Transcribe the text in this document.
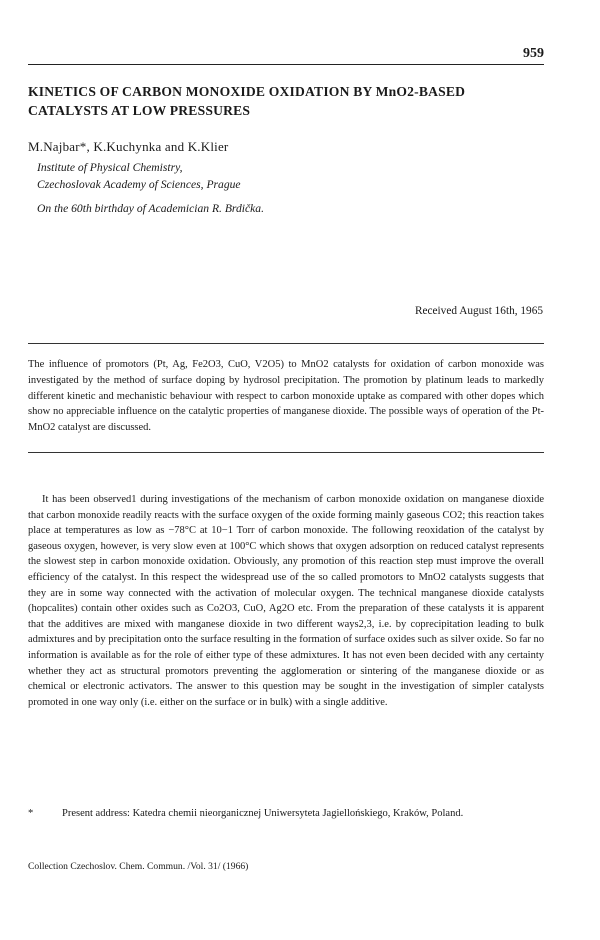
959
KINETICS OF CARBON MONOXIDE OXIDATION BY MnO2-BASED CATALYSTS AT LOW PRESSURES
M.Najbar*, K.Kuchynka and K.Klier
Institute of Physical Chemistry,
Czechoslovak Academy of Sciences, Prague
On the 60th birthday of Academician R. Brdička.
Received August 16th, 1965
The influence of promotors (Pt, Ag, Fe2O3, CuO, V2O5) to MnO2 catalysts for oxidation of carbon monoxide was investigated by the method of surface doping by hydrosol precipitation. The promotion by platinum leads to markedly different kinetic and mechanistic behaviour with respect to carbon monoxide uptake as compared with other dopes which show no appreciable influence on the catalytic properties of manganese dioxide. The possible ways of operation of the Pt-MnO2 catalyst are discussed.
It has been observed1 during investigations of the mechanism of carbon monoxide oxidation on manganese dioxide that carbon monoxide readily reacts with the surface oxygen of the oxide forming mainly gaseous CO2; this reaction takes place at temperatures as low as −78°C at 10−1 Torr of carbon monoxide. The following reoxidation of the catalyst by gaseous oxygen, however, is very slow even at 100°C which shows that oxygen adsorption on reduced catalyst represents the slowest step in carbon monoxide oxidation. Obviously, any promotion of this reaction step must improve the overall efficiency of the catalyst. In this respect the widespread use of the so called promotors to MnO2 catalysts suggests that they are in some way connected with the activation of molecular oxygen. The technical manganese dioxide catalysts (hopcalites) contain other oxides such as Co2O3, CuO, Ag2O etc. From the preparation of these catalysts it is apparent that the additives are mixed with manganese dioxide in two different ways2,3, i.e. by coprecipitation leading to bulk admixtures and by precipitation onto the surface resulting in the formation of surface oxides such as silver oxide. So far no information is available as for the role of either type of these admixtures. It has not even been decided with any certainty whether they act as structural promotors preventing the agglomeration or sintering of the manganese dioxide or as chemical or electronic activators. The answer to this question may be sought in the investigation of simpler catalysts promoted in one way only (i.e. either on the surface or in bulk) with a single additive.
*	Present address: Katedra chemii nieorganicznej Uniwersyteta Jagiellońskiego, Kraków, Poland.
Collection Czechoslov. Chem. Commun. /Vol. 31/ (1966)
